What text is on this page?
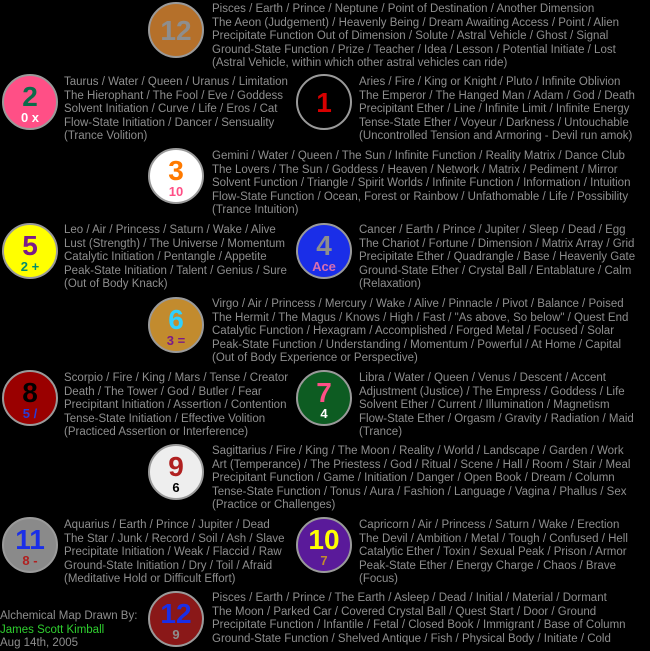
12
Pisces / Earth / Prince / Neptune / Point of Destination / Another Dimension
The Aeon (Judgement) / Heavenly Being / Dream Awaiting Access / Point / Alien
Precipitate Function Out of Dimension / Solute / Astral Vehicle / Ghost / Signal
Ground-State Function / Prize / Teacher / Idea / Lesson / Potential Initiate / Lost
(Astral Vehicle, within which other astral vehicles can ride)
2
0 x
Taurus / Water / Queen / Uranus / Limitation
The Hierophant / The Fool / Eve / Goddess
Solvent Initiation / Curve / Life / Eros / Cat
Flow-State Initiation / Dancer / Sensuality
(Trance Volition)
1
Aries / Fire / King or Knight / Pluto / Infinite Oblivion
The Emperor / The Hanged Man / Adam / God / Death
Precipitant Ether / Line / Infinite Limit / Infinite Energy
Tense-State Ether / Voyeur / Darkness / Untouchable
(Uncontrolled Tension and Armoring - Devil run amok)
3
10
Gemini / Water / Queen / The Sun / Infinite Function / Reality Matrix / Dance Club
The Lovers / The Sun / Goddess / Heaven / Network / Matrix / Pediment / Mirror
Solvent Function / Triangle / Spirit Worlds / Infinite Function / Information / Intuition
Flow-State Function / Ocean, Forest or Rainbow / Unfathomable / Life / Possibility
(Trance Intuition)
5
2 +
Leo / Air / Princess / Saturn / Wake / Alive
Lust (Strength) / The Universe / Momentum
Catalytic Initiation / Pentangle / Appetite
Peak-State Initiation / Talent / Genius / Sure
(Out of Body Knack)
4
Ace
Cancer / Earth / Prince / Jupiter / Sleep / Dead / Egg
The Chariot / Fortune / Dimension / Matrix Array / Grid
Precipitate Ether / Quadrangle / Base / Heavenly Gate
Ground-State Ether / Crystal Ball / Entablature / Calm
(Relaxation)
6
3 =
Virgo / Air / Princess / Mercury / Wake / Alive / Pinnacle / Pivot / Balance / Poised
The Hermit / The Magus / Knows / High / Fast / "As above, So below" / Quest End
Catalytic Function / Hexagram / Accomplished / Forged Metal / Focused / Solar
Peak-State Function / Understanding / Momentum / Powerful / At Home / Capital
(Out of Body Experience or Perspective)
8
5 /
Scorpio / Fire / King / Mars / Tense / Creator
Death / The Tower / God / Butler / Fear
Precipitant Initiation / Assertion / Contention
Tense-State Initiation / Effective Volition
(Practiced Assertion or Interference)
7
4
Libra / Water / Queen / Venus / Descent / Accent
Adjustment (Justice) / The Empress / Goddess / Life
Solvent Ether / Current / Illumination / Magnetism
Flow-State Ether / Orgasm / Gravity / Radiation / Maid
(Trance)
9
6
Sagittarius / Fire / King / The Moon / Reality / World / Landscape / Garden / Work
Art (Temperance) / The Priestess / God / Ritual / Scene / Hall / Room / Stair / Meal
Precipitant Function / Game / Initiation / Danger / Open Book / Dream / Column
Tense-State Function / Tonus / Aura / Fashion / Language / Vagina / Phallus / Sex
(Practice or Challenges)
11
8 -
Aquarius / Earth / Prince / Jupiter / Dead
The Star / Junk / Record / Soil / Ash / Slave
Precipitate Initiation / Weak / Flaccid / Raw
Ground-State Initiation / Dry / Toil / Afraid
(Meditative Hold or Difficult Effort)
10
7
Capricorn / Air / Princess / Saturn / Wake / Erection
The Devil / Ambition / Metal / Tough / Confused / Hell
Catalytic Ether / Toxin / Sexual Peak / Prison / Armor
Peak-State Ether / Energy Charge / Chaos / Brave
(Focus)
12
9
Pisces / Earth / Prince / The Earth / Asleep / Dead / Initial / Material / Dormant
The Moon / Parked Car / Covered Crystal Ball / Quest Start / Door / Ground
Precipitate Function / Infantile / Fetal / Closed Book / Immigrant / Base of Column
Ground-State Function / Shelved Antique / Fish / Physical Body / Initiate / Cold
Alchemical Map Drawn By:
James Scott Kimball
Aug 14th, 2005
